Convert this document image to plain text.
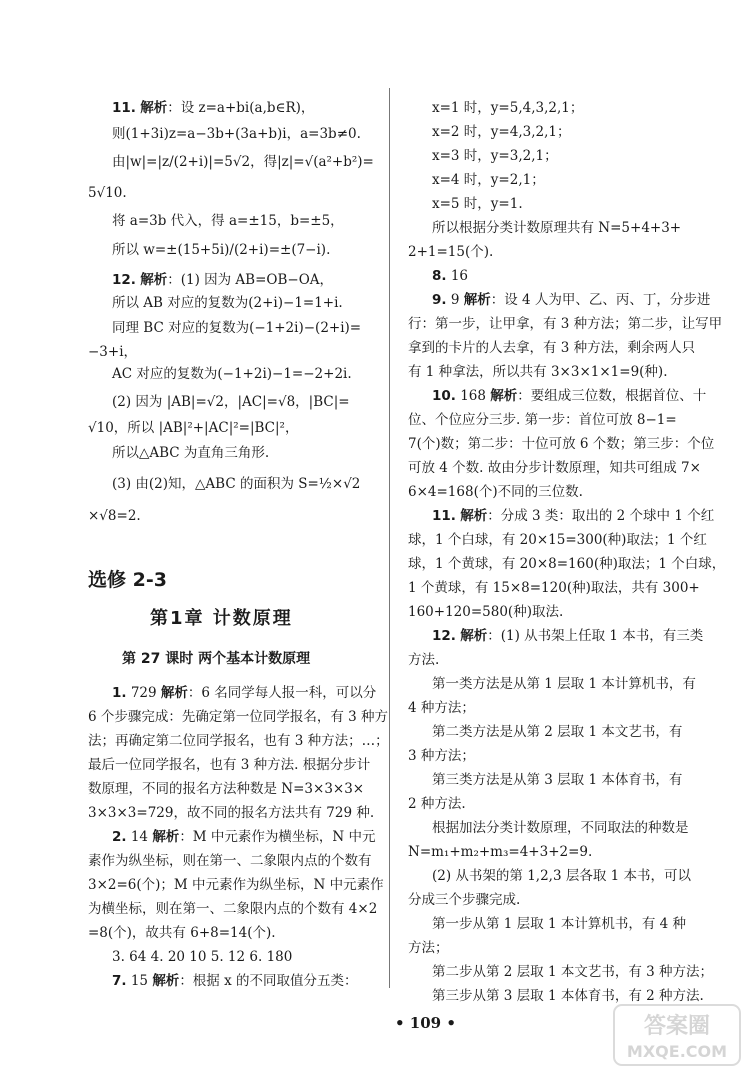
11. 解析：设 z=a+bi(a,b∈R)，
则(1+3i)z=a−3b+(3a+b)i，a=3b≠0.
由|w|=|z/(2+i)|=5√2，得|z|=√(a²+b²)=
5√10.
将 a=3b 代入，得 a=±15，b=±5，
所以 w=±(15+5i)/(2+i)=±(7−i).
12. 解析：(1) 因为 AB=OB−OA，
所以 AB 对应的复数为(2+i)−1=1+i.
同理 BC 对应的复数为(−1+2i)−(2+i)=
−3+i，
AC 对应的复数为(−1+2i)−1=−2+2i.
(2) 因为 |AB|=√2，|AC|=√8，|BC|=
√10，所以 |AB|²+|AC|²=|BC|²，
所以△ABC 为直角三角形.
(3) 由(2)知，△ABC 的面积为 S=½×√2
×√8=2.
选修 2-3
第1章 计数原理
第 27 课时 两个基本计数原理
1. 729 解析：6 名同学每人报一科，可以分
6 个步骤完成：先确定第一位同学报名，有 3 种方
法；再确定第二位同学报名，也有 3 种方法；…；
最后一位同学报名，也有 3 种方法. 根据分步计
数原理，不同的报名方法种数是 N=3×3×3×
3×3×3=729，故不同的报名方法共有 729 种.
2. 14 解析：M 中元素作为横坐标，N 中元
素作为纵坐标，则在第一、二象限内点的个数有
3×2=6(个)；M 中元素作为纵坐标，N 中元素作
为横坐标，则在第一、二象限内点的个数有 4×2
=8(个)，故共有 6+8=14(个).
3. 64 4. 20 10 5. 12 6. 180
7. 15 解析：根据 x 的不同取值分五类：
x=1 时，y=5,4,3,2,1；
x=2 时，y=4,3,2,1；
x=3 时，y=3,2,1；
x=4 时，y=2,1；
x=5 时，y=1.
所以根据分类计数原理共有 N=5+4+3+
2+1=15(个).
8. 16
9. 9 解析：设 4 人为甲、乙、丙、丁，分步进
行：第一步，让甲拿，有 3 种方法；第二步，让写甲
拿到的卡片的人去拿，有 3 种方法，剩余两人只
有 1 种拿法，所以共有 3×3×1×1=9(种).
10. 168 解析：要组成三位数，根据首位、十
位、个位应分三步. 第一步：首位可放 8−1=
7(个)数；第二步：十位可放 6 个数；第三步：个位
可放 4 个数. 故由分步计数原理，知共可组成 7×
6×4=168(个)不同的三位数.
11. 解析：分成 3 类：取出的 2 个球中 1 个红
球，1 个白球，有 20×15=300(种)取法；1 个红
球，1 个黄球，有 20×8=160(种)取法；1 个白球，
1 个黄球，有 15×8=120(种)取法，共有 300+
160+120=580(种)取法.
12. 解析：(1) 从书架上任取 1 本书，有三类
方法.
第一类方法是从第 1 层取 1 本计算机书，有
4 种方法；
第二类方法是从第 2 层取 1 本文艺书，有
3 种方法；
第三类方法是从第 3 层取 1 本体育书，有
2 种方法.
根据加法分类计数原理，不同取法的种数是
N=m₁+m₂+m₃=4+3+2=9.
(2) 从书架的第 1,2,3 层各取 1 本书，可以
分成三个步骤完成.
第一步从第 1 层取 1 本计算机书，有 4 种
方法；
第二步从第 2 层取 1 本文艺书，有 3 种方法；
第三步从第 3 层取 1 本体育书，有 2 种方法.
• 109 •	答案圈
MXQE.COM
